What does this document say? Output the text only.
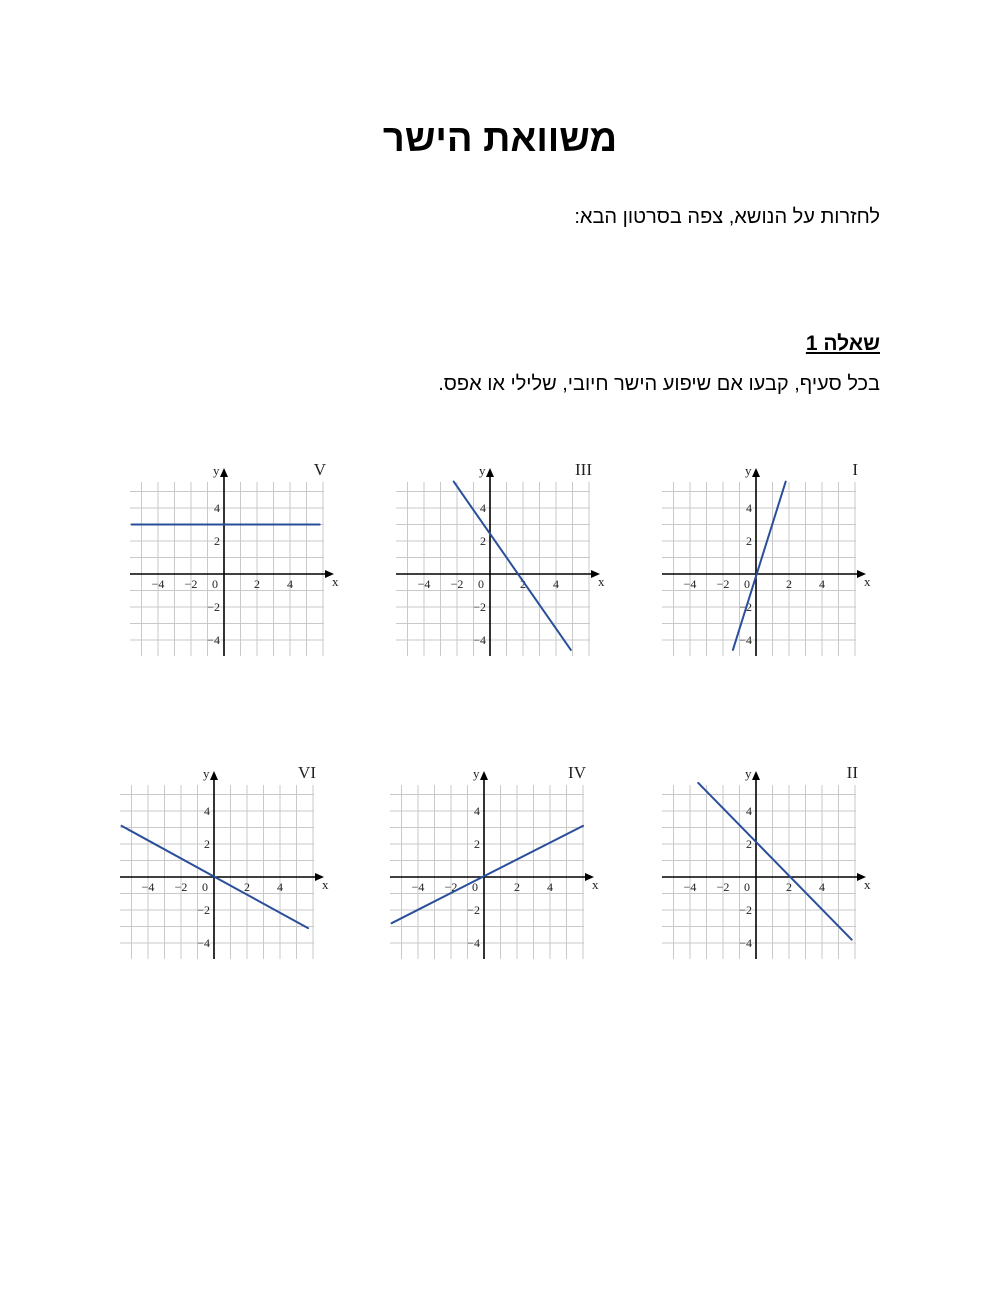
משוואת הישר

לחזרות על הנושא, צפה בסרטון הבא:

שאלה 1

בכל סעיף, קבעו אם שיפוע הישר חיובי, שלילי או אפס.

x
y
−4 −2 0	2 4
4
2
−2
−4
I
x
y
−4 −2 0	2 4
4
2
−2
−4
III
x
y
−4 −2 0	2 4
4
2
−2
−4
V
x
y
−4 −2 0	2 4
4
2
−2
−4
II
x
y
−4 −2 0	2 4
4
2
−2
−4
IV
x
y
−4 −2 0	2 4
4
2
−2
−4
VI
